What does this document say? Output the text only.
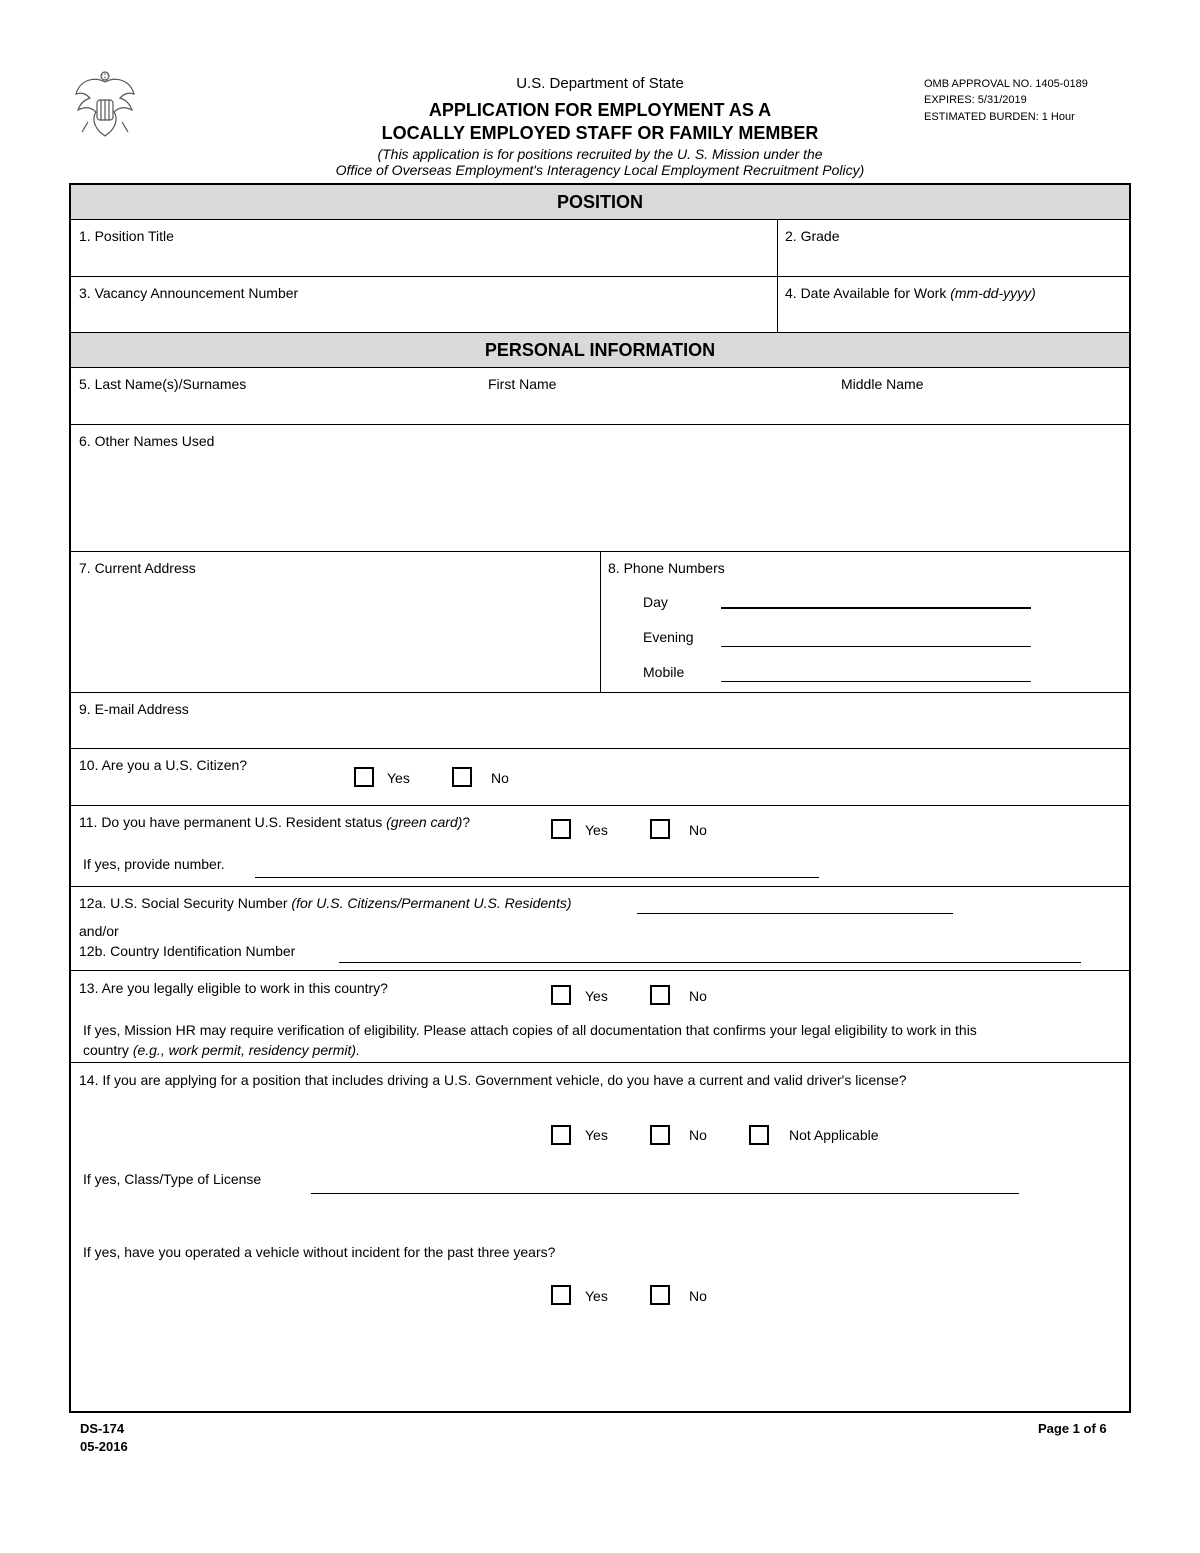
U.S. Department of State
APPLICATION FOR EMPLOYMENT AS A
LOCALLY EMPLOYED STAFF OR FAMILY MEMBER
(This application is for positions recruited by the U. S. Mission under the
Office of Overseas Employment's Interagency Local Employment Recruitment Policy)
OMB APPROVAL NO. 1405-0189
EXPIRES: 5/31/2019
ESTIMATED BURDEN: 1 Hour
POSITION
1. Position Title	2. Grade
3. Vacancy Announcement Number	4. Date Available for Work (mm-dd-yyyy)
PERSONAL INFORMATION
5. Last Name(s)/Surnames	First Name	Middle Name
6. Other Names Used
7. Current Address	8. Phone Numbers
Day
Evening
Mobile
9. E-mail Address
10. Are you a U.S. Citizen?
Yes	No
11. Do you have permanent U.S. Resident status (green card)?	Yes	No
If yes, provide number.
12a. U.S. Social Security Number (for U.S. Citizens/Permanent U.S. Residents)
and/or
12b. Country Identification Number
13. Are you legally eligible to work in this country?	Yes	No
If yes, Mission HR may require verification of eligibility. Please attach copies of all documentation that confirms your legal eligibility to work in this
country (e.g., work permit, residency permit).
14. If you are applying for a position that includes driving a U.S. Government vehicle, do you have a current and valid driver's license?
Yes	No	Not Applicable
If yes, Class/Type of License
If yes, have you operated a vehicle without incident for the past three years?
Yes	No
DS-174
05-2016
Page 1 of 6
